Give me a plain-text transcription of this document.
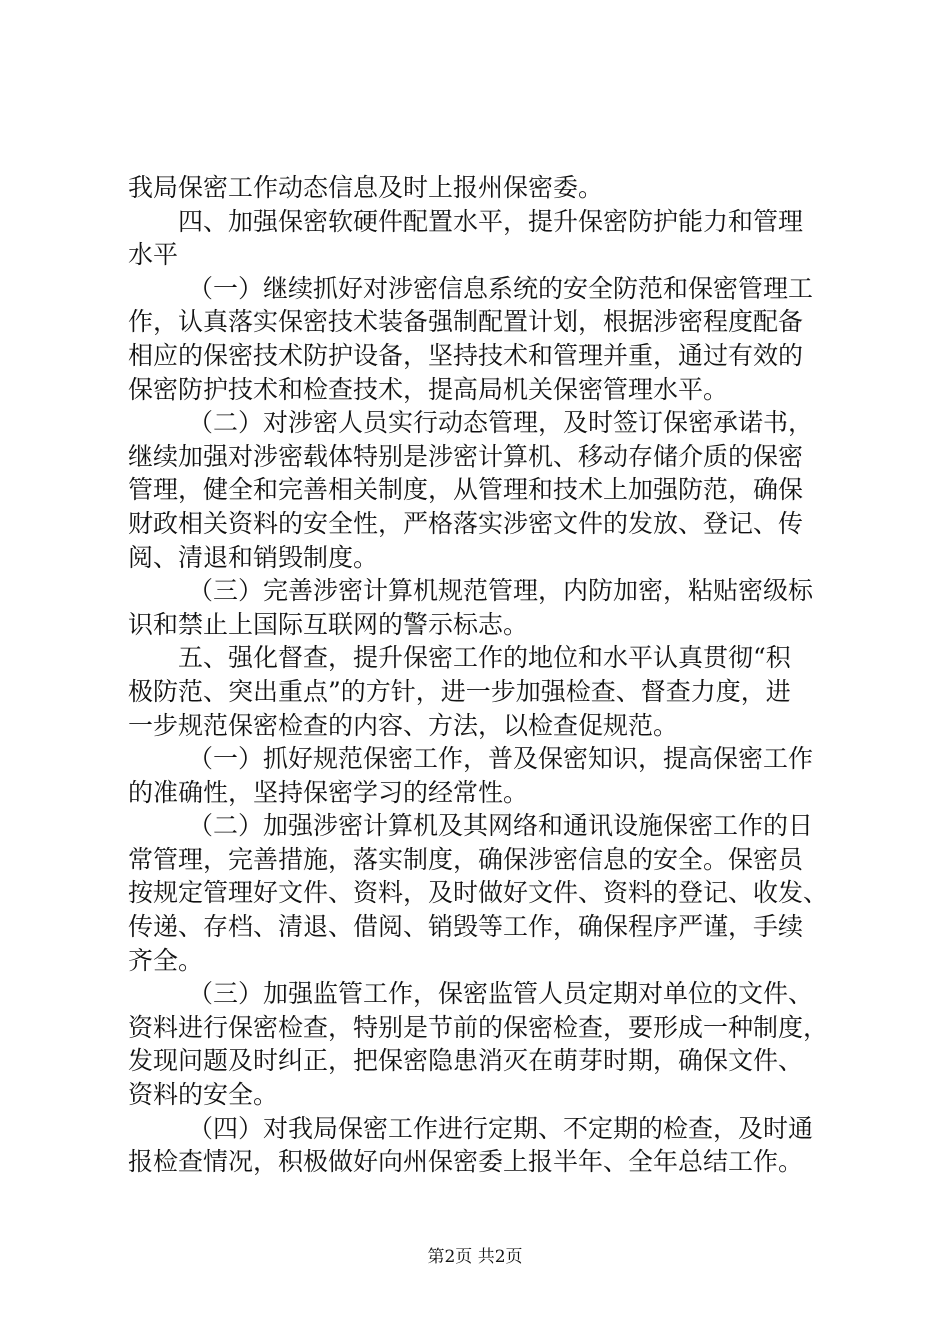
我局保密工作动态信息及时上报州保密委。
四、加强保密软硬件配置水平，提升保密防护能力和管理
水平
（一）继续抓好对涉密信息系统的安全防范和保密管理工
作，认真落实保密技术装备强制配置计划，根据涉密程度配备
相应的保密技术防护设备，坚持技术和管理并重，通过有效的
保密防护技术和检查技术，提高局机关保密管理水平。
（二）对涉密人员实行动态管理，及时签订保密承诺书，
继续加强对涉密载体特别是涉密计算机、移动存储介质的保密
管理，健全和完善相关制度，从管理和技术上加强防范，确保
财政相关资料的安全性，严格落实涉密文件的发放、登记、传
阅、清退和销毁制度。
（三）完善涉密计算机规范管理，内防加密，粘贴密级标
识和禁止上国际互联网的警示标志。
五、强化督查，提升保密工作的地位和水平认真贯彻“积
极防范、突出重点”的方针，进一步加强检查、督查力度，进
一步规范保密检查的内容、方法，以检查促规范。
（一）抓好规范保密工作，普及保密知识，提高保密工作
的准确性，坚持保密学习的经常性。
（二）加强涉密计算机及其网络和通讯设施保密工作的日
常管理，完善措施，落实制度，确保涉密信息的安全。保密员
按规定管理好文件、资料，及时做好文件、资料的登记、收发、
传递、存档、清退、借阅、销毁等工作，确保程序严谨，手续
齐全。
（三）加强监管工作，保密监管人员定期对单位的文件、
资料进行保密检查，特别是节前的保密检查，要形成一种制度，
发现问题及时纠正，把保密隐患消灭在萌芽时期，确保文件、
资料的安全。
（四）对我局保密工作进行定期、不定期的检查，及时通
报检查情况，积极做好向州保密委上报半年、全年总结工作。
第2页 共2页
